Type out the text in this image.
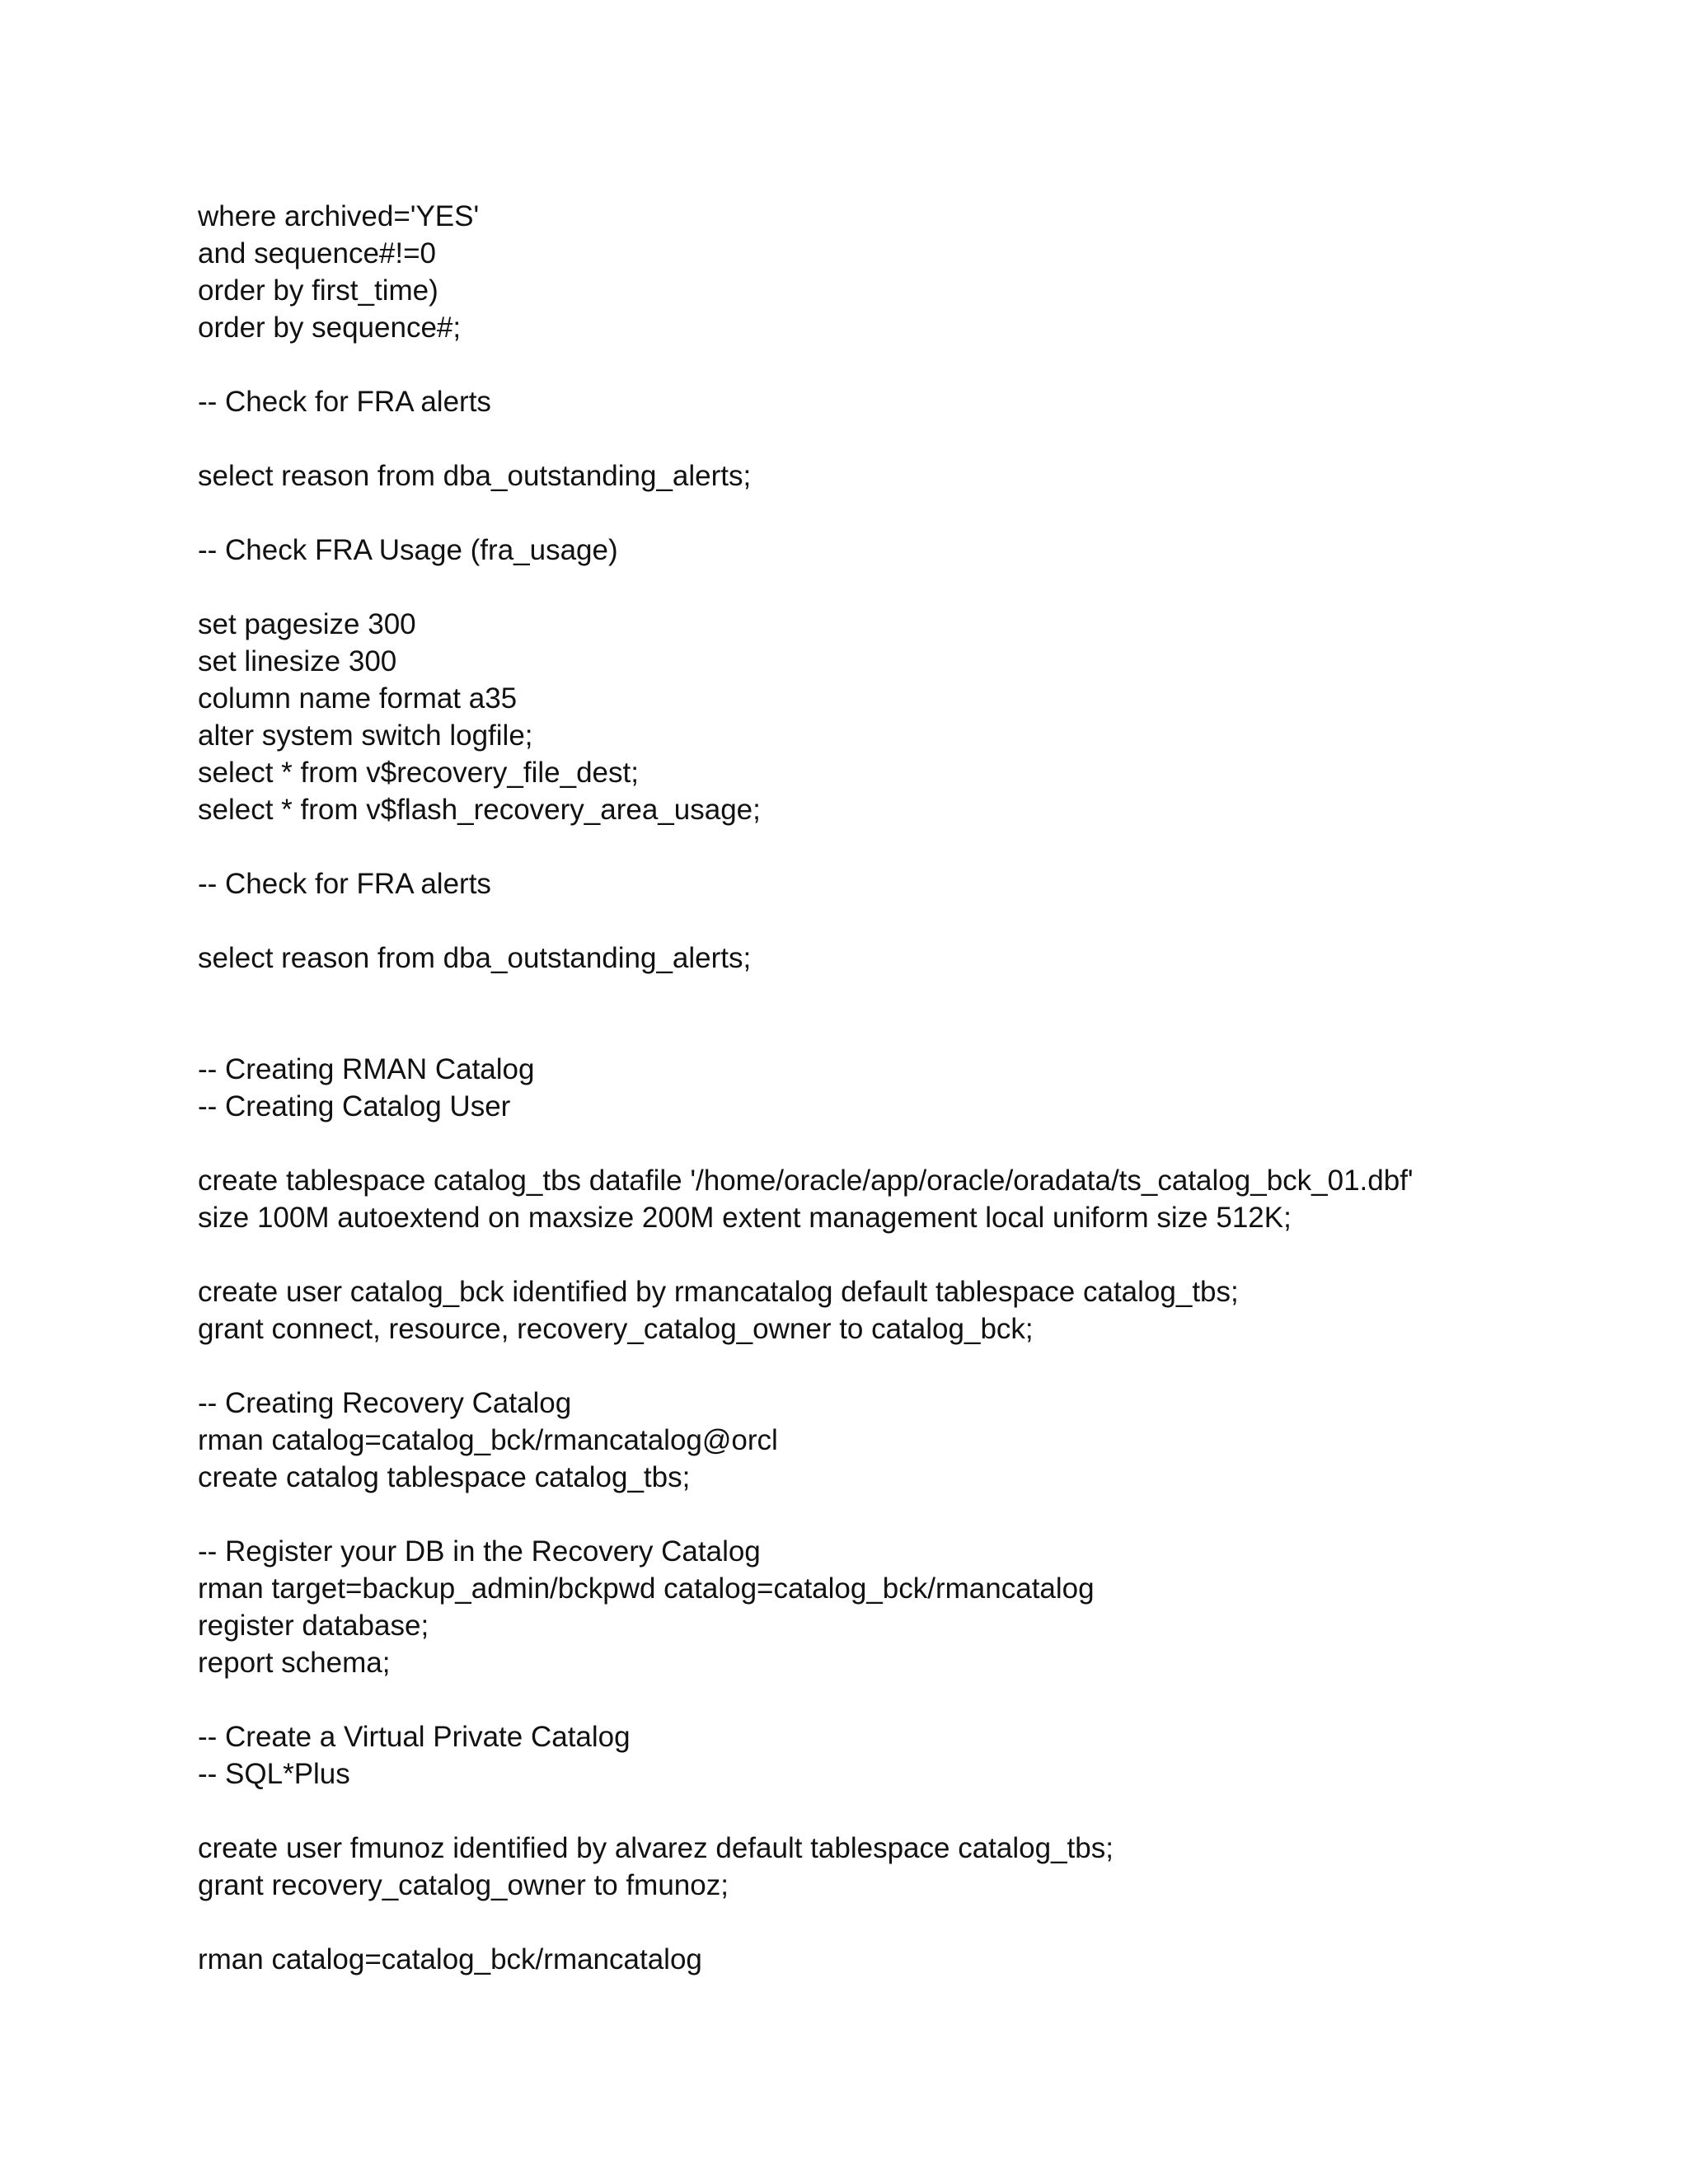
where archived='YES'
and sequence#!=0
order by first_time)
order by sequence#;
-- Check for FRA alerts
select reason from dba_outstanding_alerts;
-- Check FRA Usage (fra_usage)
set pagesize 300
set linesize 300
column name format a35
alter system switch logfile;
select * from v$recovery_file_dest;
select * from v$flash_recovery_area_usage;
-- Check for FRA alerts
select reason from dba_outstanding_alerts;
-- Creating RMAN Catalog
-- Creating Catalog User
create tablespace catalog_tbs datafile '/home/oracle/app/oracle/oradata/ts_catalog_bck_01.dbf'
size 100M autoextend on maxsize 200M extent management local uniform size 512K;
create user catalog_bck identified by rmancatalog default tablespace catalog_tbs;
grant connect, resource, recovery_catalog_owner to catalog_bck;
-- Creating Recovery Catalog
rman catalog=catalog_bck/rmancatalog@orcl
create catalog tablespace catalog_tbs;
-- Register your DB in the Recovery Catalog
rman target=backup_admin/bckpwd catalog=catalog_bck/rmancatalog
register database;
report schema;
-- Create a Virtual Private Catalog
-- SQL*Plus
create user fmunoz identified by alvarez default tablespace catalog_tbs;
grant recovery_catalog_owner to fmunoz;
rman catalog=catalog_bck/rmancatalog
